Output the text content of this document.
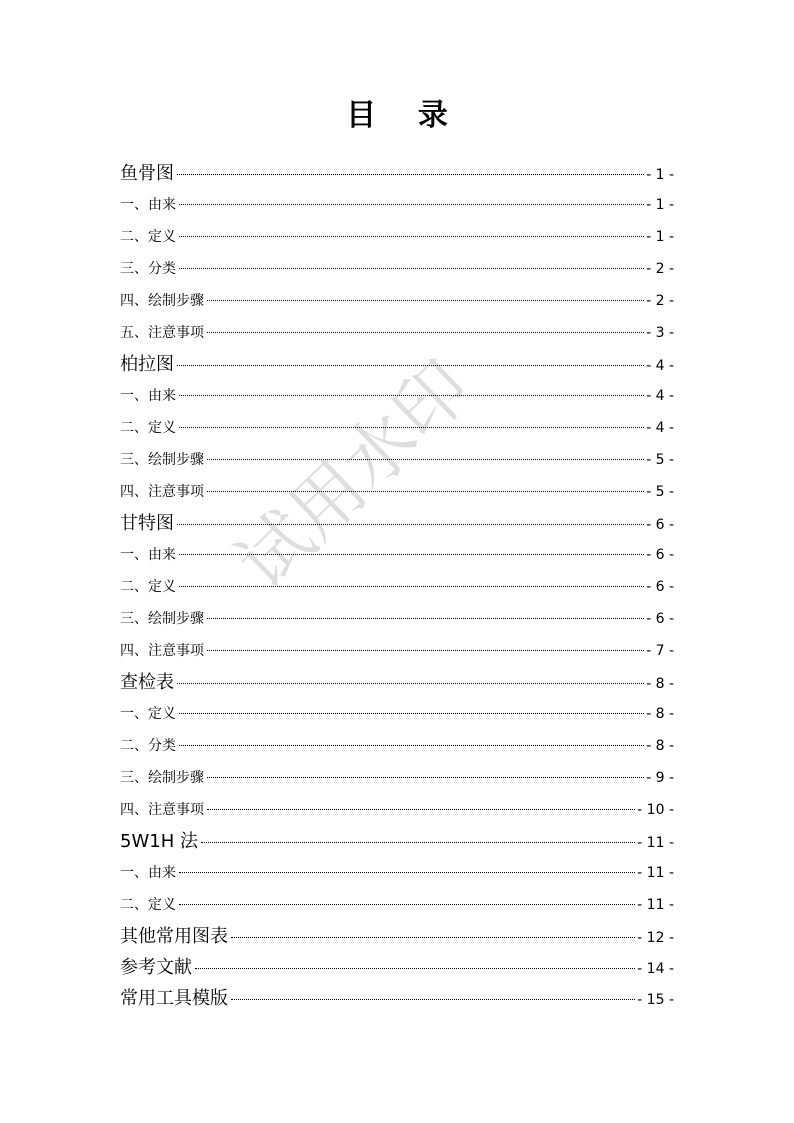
目    录
鱼骨图	- 1 -
一、由来	- 1 -
二、定义	- 1 -
三、分类	- 2 -
四、绘制步骤	- 2 -
五、注意事项	- 3 -
柏拉图	- 4 -
一、由来	- 4 -
二、定义	- 4 -
三、绘制步骤	- 5 -
四、注意事项	- 5 -
甘特图	- 6 -
一、由来	- 6 -
二、定义	- 6 -
三、绘制步骤	- 6 -
四、注意事项	- 7 -
查检表	- 8 -
一、定义	- 8 -
二、分类	- 8 -
三、绘制步骤	- 9 -
四、注意事项	- 10 -
5W1H 法	- 11 -
一、由来	- 11 -
二、定义	- 11 -
其他常用图表	- 12 -
参考文献	- 14 -
常用工具模版	- 15 -
试用水印
